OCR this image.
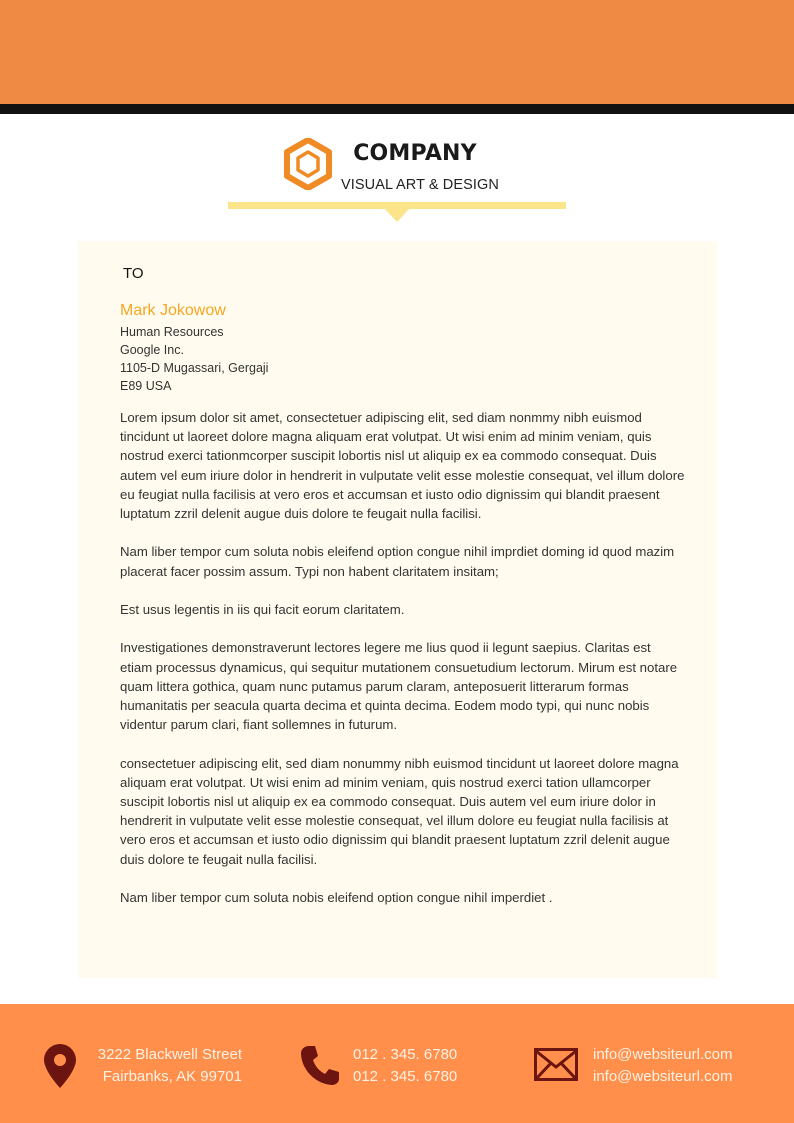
COMPANY
VISUAL ART & DESIGN
TO
Mark Jokowow
Human Resources
Google Inc.
1105-D Mugassari, Gergaji
E89 USA

Lorem ipsum dolor sit amet, consectetuer adipiscing elit, sed diam nonmmy nibh euismod tincidunt ut laoreet dolore magna aliquam erat volutpat. Ut wisi enim ad minim veniam, quis nostrud exerci tationmcorper suscipit lobortis nisl ut aliquip ex ea commodo consequat. Duis autem vel eum iriure dolor in hendrerit in vulputate velit esse molestie consequat, vel illum dolore eu feugiat nulla facilisis at vero eros et accumsan et iusto odio dignissim qui blandit praesent luptatum zzril delenit augue duis dolore te feugait nulla facilisi.

Nam liber tempor cum soluta nobis eleifend option congue nihil imprdiet doming id quod mazim placerat facer possim assum. Typi non habent claritatem insitam;

Est usus legentis in iis qui facit eorum claritatem.

Investigationes demonstraverunt lectores legere me lius quod ii legunt saepius. Claritas est etiam processus dynamicus, qui sequitur mutationem consuetudium lectorum. Mirum est notare quam littera gothica, quam nunc putamus parum claram, anteposuerit litterarum formas humanitatis per seacula quarta decima et quinta decima. Eodem modo typi, qui nunc nobis videntur parum clari, fiant sollemnes in futurum.

consectetuer adipiscing elit, sed diam nonummy nibh euismod tincidunt ut laoreet dolore magna aliquam erat volutpat. Ut wisi enim ad minim veniam, quis nostrud exerci tation ullamcorper suscipit lobortis nisl ut aliquip ex ea commodo consequat. Duis autem vel eum iriure dolor in hendrerit in vulputate velit esse molestie consequat, vel illum dolore eu feugiat nulla facilisis at vero eros et accumsan et iusto odio dignissim qui blandit praesent luptatum zzril delenit augue duis dolore te feugait nulla facilisi.

Nam liber tempor cum soluta nobis eleifend option congue nihil imperdiet .

3222 Blackwell Street
Fairbanks, AK 99701
012 . 345. 6780
012 . 345. 6780
info@websiteurl.com
info@websiteurl.com
